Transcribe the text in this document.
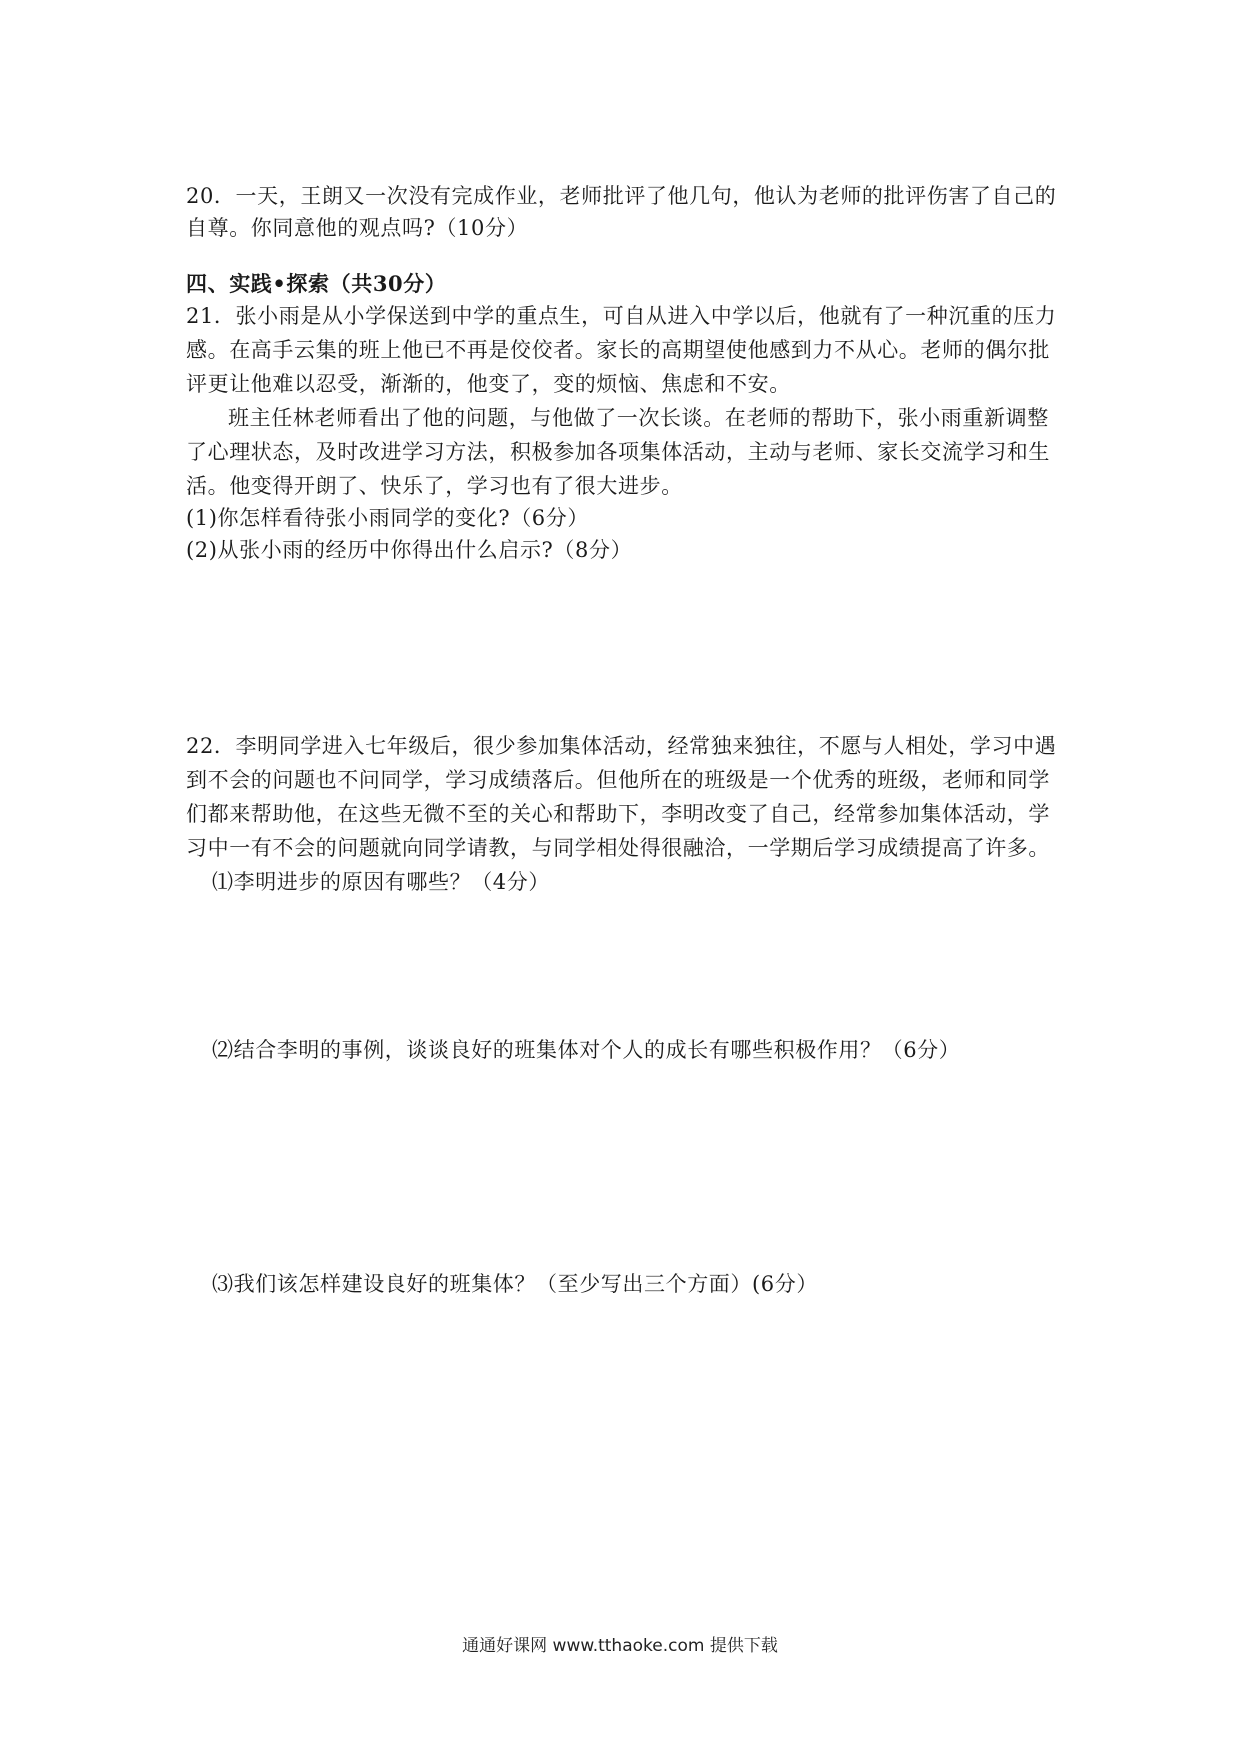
20．一天，王朗又一次没有完成作业，老师批评了他几句，他认为老师的批评伤害了自己的
自尊。你同意他的观点吗?（10分）
四、实践•探索（共30分）
21．张小雨是从小学保送到中学的重点生，可自从进入中学以后，他就有了一种沉重的压力
感。在高手云集的班上他已不再是佼佼者。家长的高期望使他感到力不从心。老师的偶尔批
评更让他难以忍受，渐渐的，他变了，变的烦恼、焦虑和不安。
班主任林老师看出了他的问题，与他做了一次长谈。在老师的帮助下，张小雨重新调整
了心理状态，及时改进学习方法，积极参加各项集体活动，主动与老师、家长交流学习和生
活。他变得开朗了、快乐了，学习也有了很大进步。
(1)你怎样看待张小雨同学的变化?（6分）
(2)从张小雨的经历中你得出什么启示?（8分）
22．李明同学进入七年级后，很少参加集体活动，经常独来独往，不愿与人相处，学习中遇
到不会的问题也不问同学，学习成绩落后。但他所在的班级是一个优秀的班级，老师和同学
们都来帮助他，在这些无微不至的关心和帮助下，李明改变了自己，经常参加集体活动，学
习中一有不会的问题就向同学请教，与同学相处得很融洽，一学期后学习成绩提高了许多。
⑴李明进步的原因有哪些？（4分）
⑵结合李明的事例，谈谈良好的班集体对个人的成长有哪些积极作用？（6分）
⑶我们该怎样建设良好的班集体？（至少写出三个方面）(6分）
通通好课网 www.tthaoke.com 提供下载
